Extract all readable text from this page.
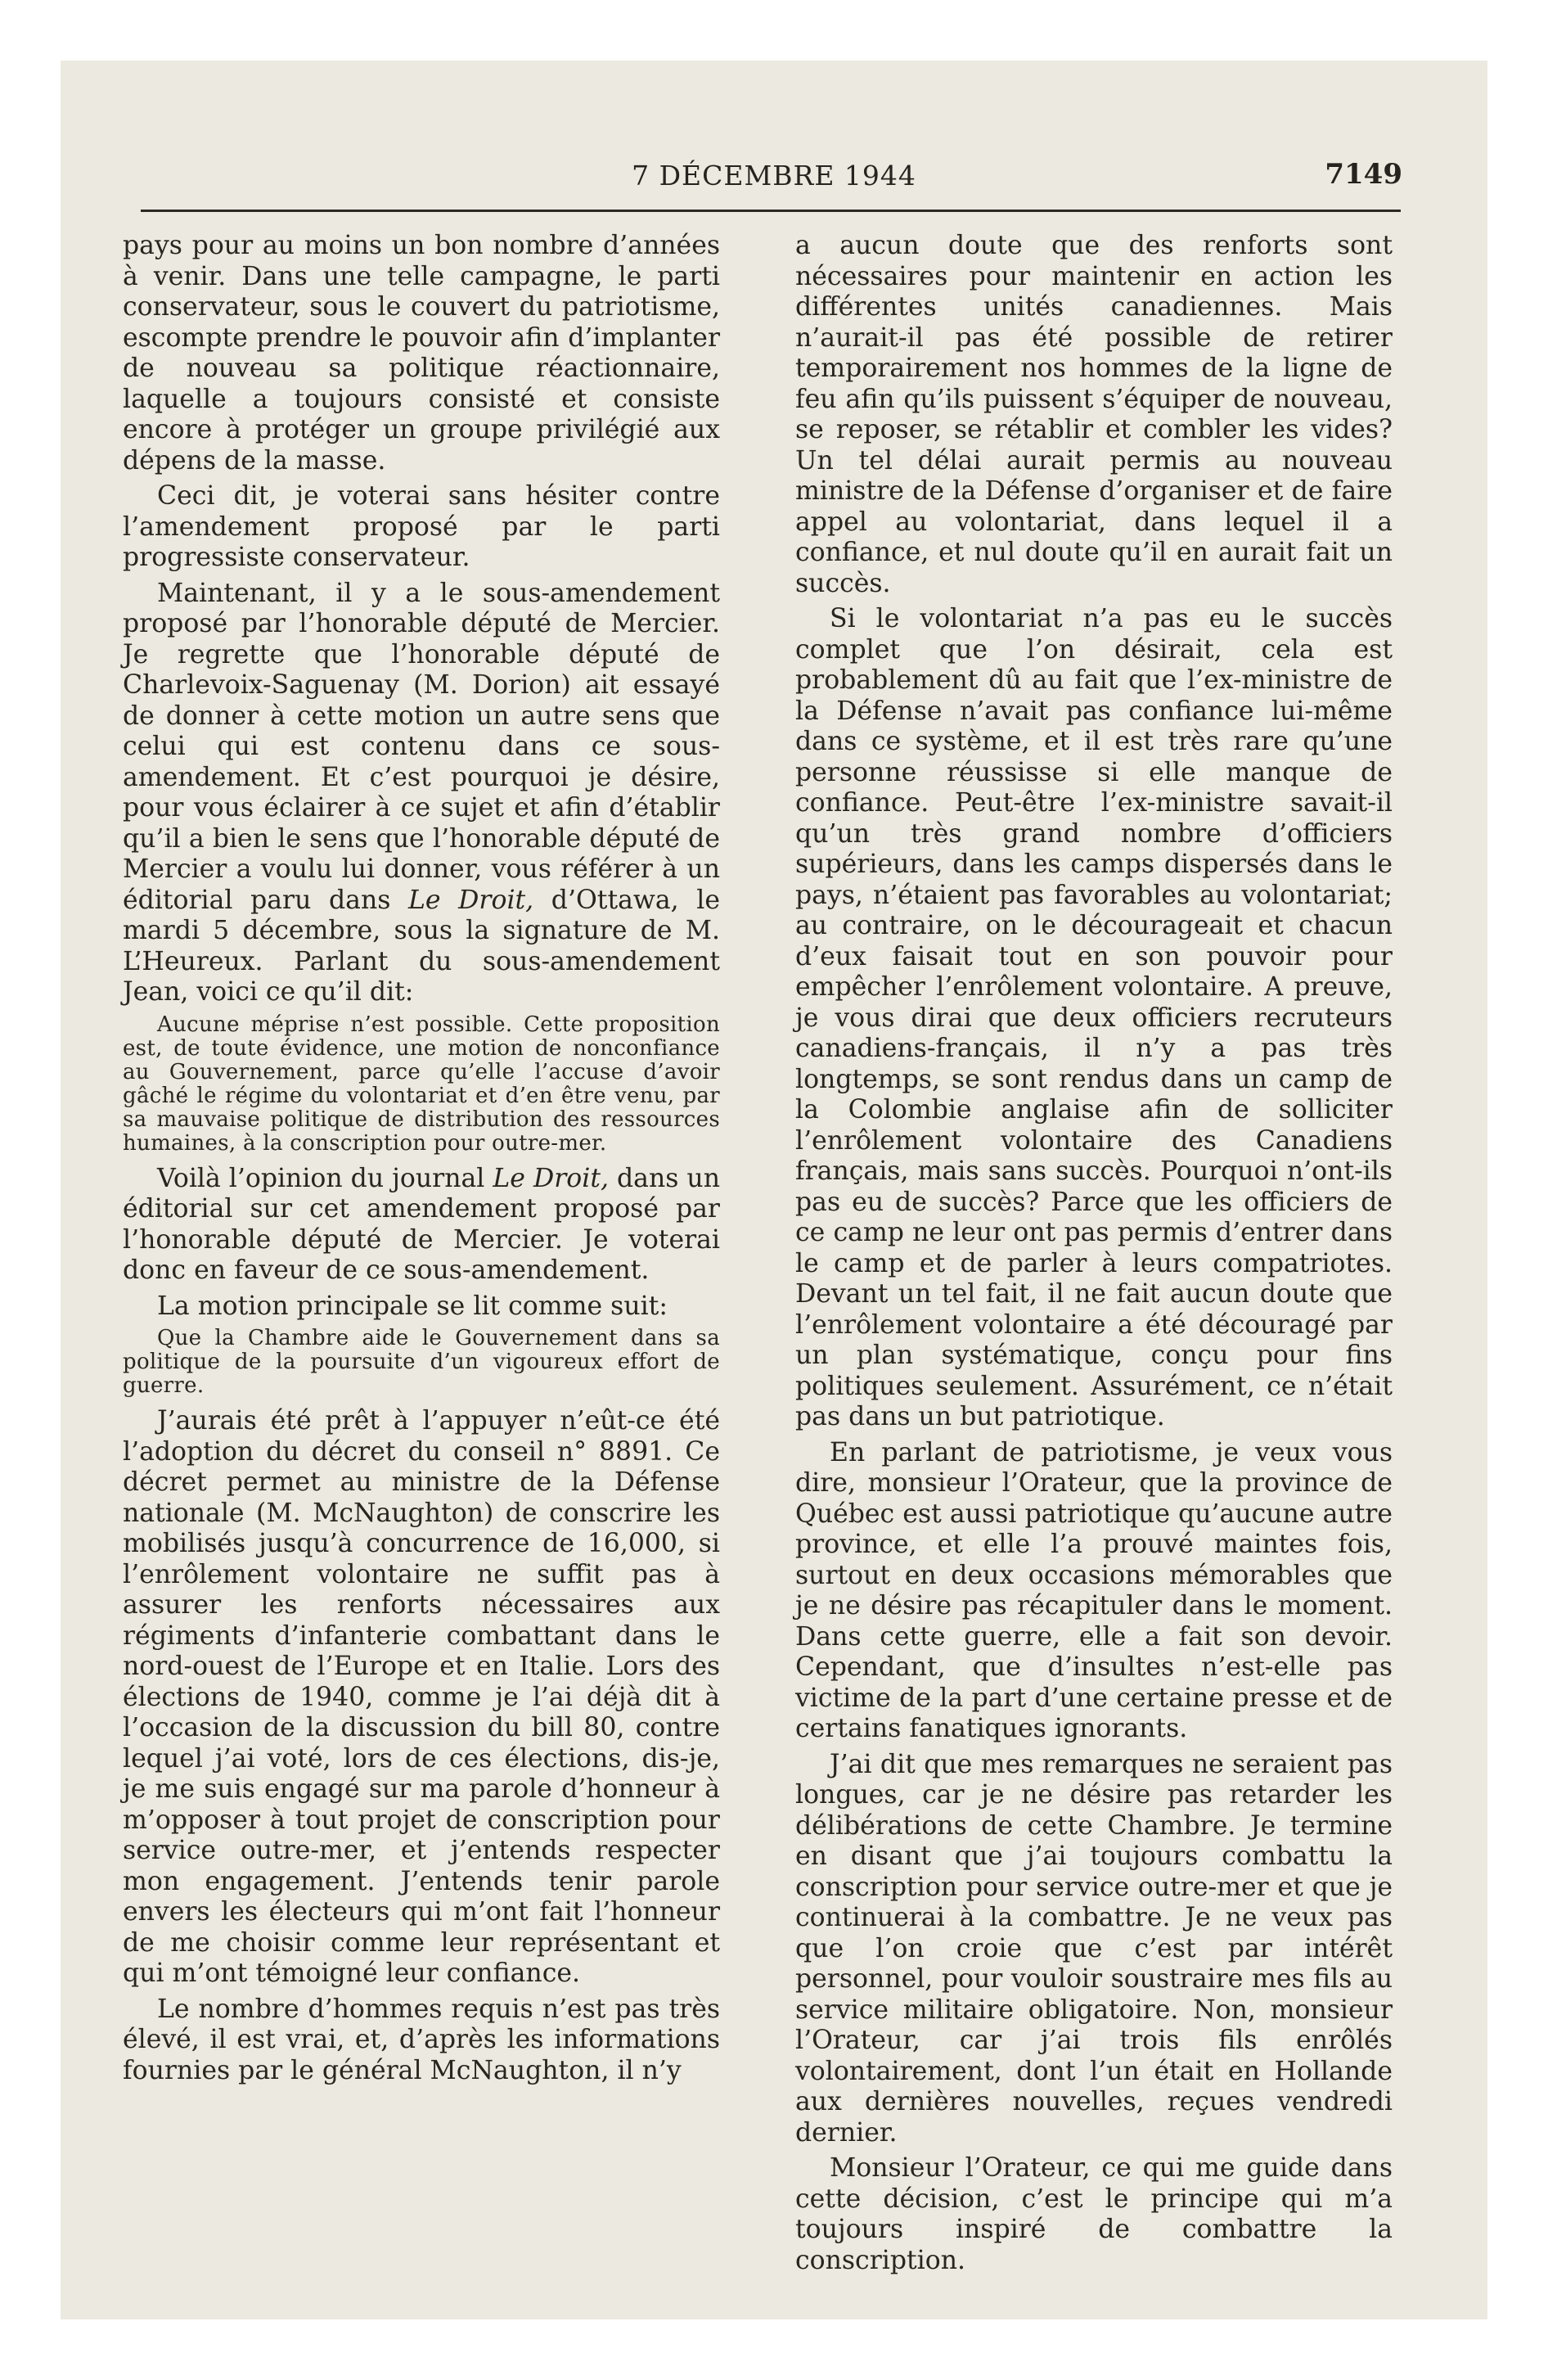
7 DÉCEMBRE 1944	7149

pays pour au moins un bon nombre d’années à venir. Dans une telle campagne, le parti conservateur, sous le couvert du patriotisme, escompte prendre le pouvoir afin d’implanter de nouveau sa politique réactionnaire, laquelle a toujours consisté et consiste encore à protéger un groupe privilégié aux dépens de la masse.

Ceci dit, je voterai sans hésiter contre l’amendement proposé par le parti progressiste conservateur.

Maintenant, il y a le sous-amendement proposé par l’honorable député de Mercier. Je regrette que l’honorable député de Charlevoix-Saguenay (M. Dorion) ait essayé de donner à cette motion un autre sens que celui qui est contenu dans ce sous-amendement. Et c’est pourquoi je désire, pour vous éclairer à ce sujet et afin d’établir qu’il a bien le sens que l’honorable député de Mercier a voulu lui donner, vous référer à un éditorial paru dans Le Droit, d’Ottawa, le mardi 5 décembre, sous la signature de M. L’Heureux. Parlant du sous-amendement Jean, voici ce qu’il dit:

Aucune méprise n’est possible. Cette proposition est, de toute évidence, une motion de nonconfiance au Gouvernement, parce qu’elle l’accuse d’avoir gâché le régime du volontariat et d’en être venu, par sa mauvaise politique de distribution des ressources humaines, à la conscription pour outre-mer.

Voilà l’opinion du journal Le Droit, dans un éditorial sur cet amendement proposé par l’honorable député de Mercier. Je voterai donc en faveur de ce sous-amendement.

La motion principale se lit comme suit:

Que la Chambre aide le Gouvernement dans sa politique de la poursuite d’un vigoureux effort de guerre.

J’aurais été prêt à l’appuyer n’eût-ce été l’adoption du décret du conseil n° 8891. Ce décret permet au ministre de la Défense nationale (M. McNaughton) de conscrire les mobilisés jusqu’à concurrence de 16,000, si l’enrôlement volontaire ne suffit pas à assurer les renforts nécessaires aux régiments d’infanterie combattant dans le nord-ouest de l’Europe et en Italie. Lors des élections de 1940, comme je l’ai déjà dit à l’occasion de la discussion du bill 80, contre lequel j’ai voté, lors de ces élections, dis-je, je me suis engagé sur ma parole d’honneur à m’opposer à tout projet de conscription pour service outre-mer, et j’entends respecter mon engagement. J’entends tenir parole envers les électeurs qui m’ont fait l’honneur de me choisir comme leur représentant et qui m’ont témoigné leur confiance.

Le nombre d’hommes requis n’est pas très élevé, il est vrai, et, d’après les informations fournies par le général McNaughton, il n’y

a aucun doute que des renforts sont nécessaires pour maintenir en action les différentes unités canadiennes. Mais n’aurait-il pas été possible de retirer temporairement nos hommes de la ligne de feu afin qu’ils puissent s’équiper de nouveau, se reposer, se rétablir et combler les vides? Un tel délai aurait permis au nouveau ministre de la Défense d’organiser et de faire appel au volontariat, dans lequel il a confiance, et nul doute qu’il en aurait fait un succès.

Si le volontariat n’a pas eu le succès complet que l’on désirait, cela est probablement dû au fait que l’ex-ministre de la Défense n’avait pas confiance lui-même dans ce système, et il est très rare qu’une personne réussisse si elle manque de confiance. Peut-être l’ex-ministre savait-il qu’un très grand nombre d’officiers supérieurs, dans les camps dispersés dans le pays, n’étaient pas favorables au volontariat; au contraire, on le décourageait et chacun d’eux faisait tout en son pouvoir pour empêcher l’enrôlement volontaire. A preuve, je vous dirai que deux officiers recruteurs canadiens-français, il n’y a pas très longtemps, se sont rendus dans un camp de la Colombie anglaise afin de solliciter l’enrôlement volontaire des Canadiens français, mais sans succès. Pourquoi n’ont-ils pas eu de succès? Parce que les officiers de ce camp ne leur ont pas permis d’entrer dans le camp et de parler à leurs compatriotes. Devant un tel fait, il ne fait aucun doute que l’enrôlement volontaire a été découragé par un plan systématique, conçu pour fins politiques seulement. Assurément, ce n’était pas dans un but patriotique.

En parlant de patriotisme, je veux vous dire, monsieur l’Orateur, que la province de Québec est aussi patriotique qu’aucune autre province, et elle l’a prouvé maintes fois, surtout en deux occasions mémorables que je ne désire pas récapituler dans le moment. Dans cette guerre, elle a fait son devoir. Cependant, que d’insultes n’est-elle pas victime de la part d’une certaine presse et de certains fanatiques ignorants.

J’ai dit que mes remarques ne seraient pas longues, car je ne désire pas retarder les délibérations de cette Chambre. Je termine en disant que j’ai toujours combattu la conscription pour service outre-mer et que je continuerai à la combattre. Je ne veux pas que l’on croie que c’est par intérêt personnel, pour vouloir soustraire mes fils au service militaire obligatoire. Non, monsieur l’Orateur, car j’ai trois fils enrôlés volontairement, dont l’un était en Hollande aux dernières nouvelles, reçues vendredi dernier.

Monsieur l’Orateur, ce qui me guide dans cette décision, c’est le principe qui m’a toujours inspiré de combattre la conscription.
